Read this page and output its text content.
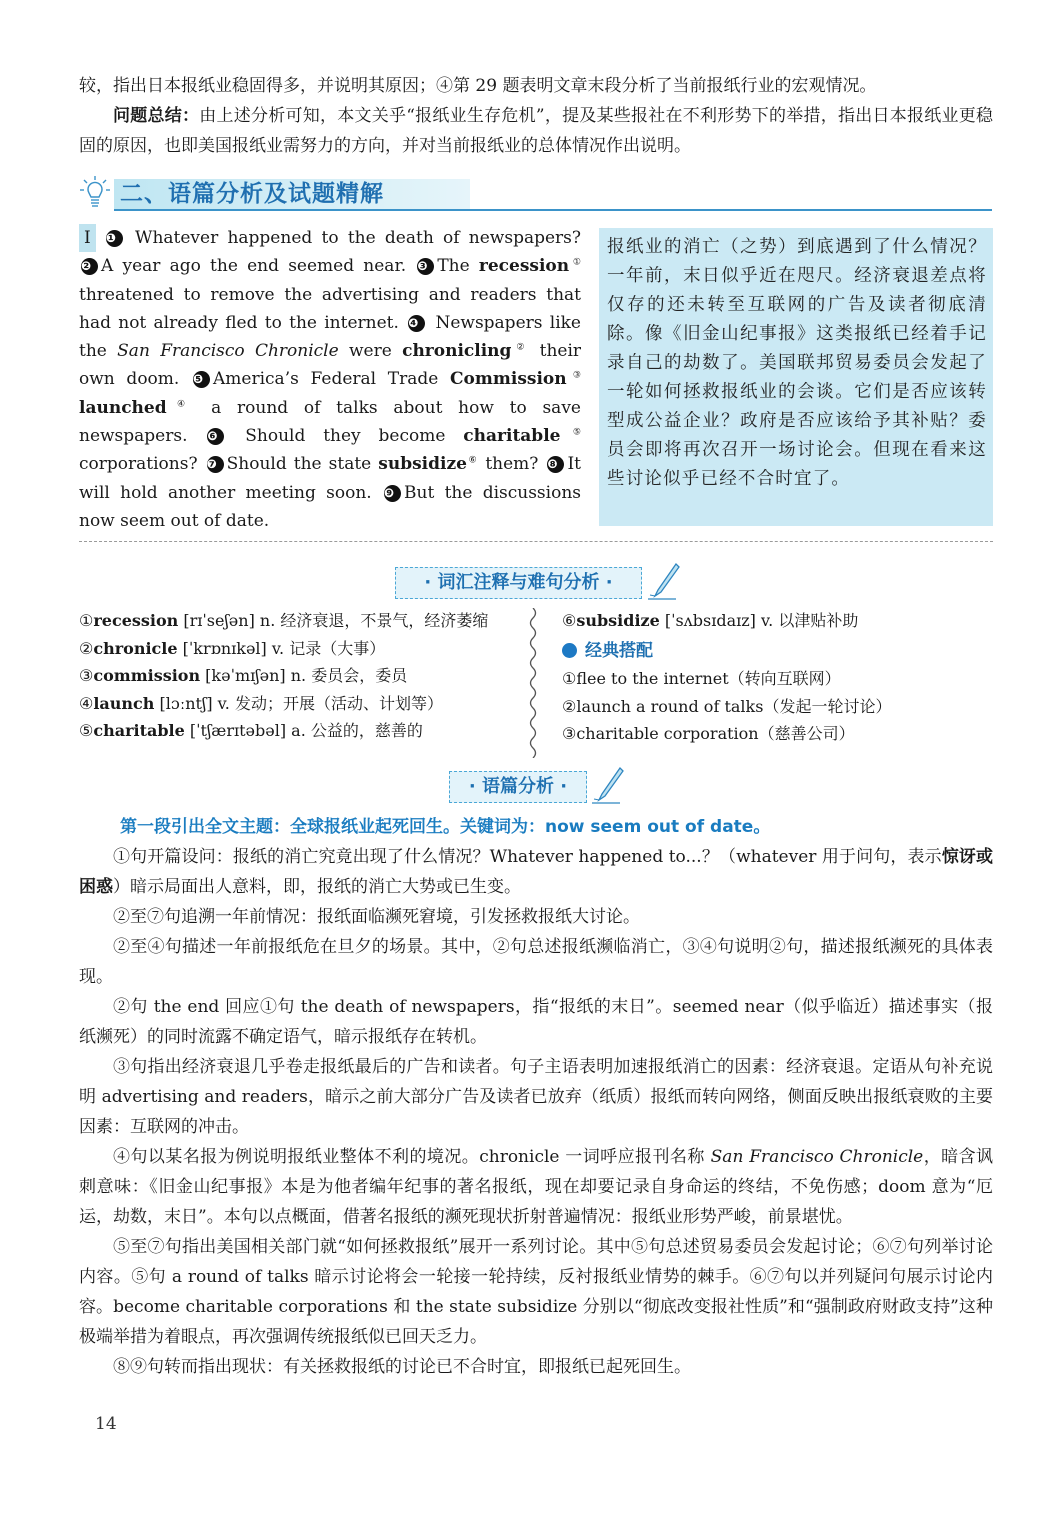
较，指出日本报纸业稳固得多，并说明其原因；④第 29 题表明文章末段分析了当前报纸行业的宏观情况。

问题总结：由上述分析可知，本文关乎“报纸业生存危机”，提及某些报社在不利形势下的举措，指出日本报纸业更稳固的原因，也即美国报纸业需努力的方向，并对当前报纸业的总体情况作出说明。

二、语篇分析及试题精解
I ❶ Whatever happened to the death of newspapers? ❷ A year ago the end seemed near. ❸ The recession① threatened to remove the advertising and readers that had not already fled to the internet. ❹ Newspapers like the San Francisco Chronicle were chronicling② their own doom. ❺ America’s Federal Trade Commission③ launched④ a round of talks about how to save newspapers. ❻ Should they become charitable⑤ corporations? ❼ Should the state subsidize⑥ them? ❽ It will hold another meeting soon. ❾ But the discussions now seem out of date.
报纸业的消亡（之势）到底遇到了什么情况？一年前，末日似乎近在咫尺。经济衰退差点将仅存的还未转至互联网的广告及读者彻底清除。像《旧金山纪事报》这类报纸已经着手记录自己的劫数了。美国联邦贸易委员会发起了一轮如何拯救报纸业的会谈。它们是否应该转型成公益企业？政府是否应该给予其补贴？委员会即将再次召开一场讨论会。但现在看来这些讨论似乎已经不合时宜了。
· 词汇注释与难句分析 ·
①recession [rɪˈseʃən] n. 经济衰退，不景气，经济萎缩
②chronicle [ˈkrɒnɪkəl] v. 记录（大事）
③commission [kəˈmɪʃən] n. 委员会，委员
④launch [lɔːntʃ] v. 发动；开展（活动、计划等）
⑤charitable [ˈtʃærɪtəbəl] a. 公益的，慈善的
⑥subsidize [ˈsʌbsɪdaɪz] v. 以津贴补助
经典搭配
①flee to the internet（转向互联网）
②launch a round of talks（发起一轮讨论）
③charitable corporation（慈善公司）
· 语篇分析 ·
第一段引出全文主题：全球报纸业起死回生。关键词为：now seem out of date。

①句开篇设问：报纸的消亡究竟出现了什么情况？Whatever happened to...？（whatever 用于问句，表示惊讶或困惑）暗示局面出人意料，即，报纸的消亡大势或已生变。

②至⑦句追溯一年前情况：报纸面临濒死窘境，引发拯救报纸大讨论。

②至④句描述一年前报纸危在旦夕的场景。其中，②句总述报纸濒临消亡，③④句说明②句，描述报纸濒死的具体表现。

②句 the end 回应①句 the death of newspapers，指“报纸的末日”。seemed near（似乎临近）描述事实（报纸濒死）的同时流露不确定语气，暗示报纸存在转机。

③句指出经济衰退几乎卷走报纸最后的广告和读者。句子主语表明加速报纸消亡的因素：经济衰退。定语从句补充说明 advertising and readers，暗示之前大部分广告及读者已放弃（纸质）报纸而转向网络，侧面反映出报纸衰败的主要因素：互联网的冲击。

④句以某名报为例说明报纸业整体不利的境况。chronicle 一词呼应报刊名称 San Francisco Chronicle，暗含讽刺意味：《旧金山纪事报》本是为他者编年纪事的著名报纸，现在却要记录自身命运的终结，不免伤感；doom 意为“厄运，劫数，末日”。本句以点概面，借著名报纸的濒死现状折射普遍情况：报纸业形势严峻，前景堪忧。

⑤至⑦句指出美国相关部门就“如何拯救报纸”展开一系列讨论。其中⑤句总述贸易委员会发起讨论；⑥⑦句列举讨论内容。⑤句 a round of talks 暗示讨论将会一轮接一轮持续，反衬报纸业情势的棘手。⑥⑦句以并列疑问句展示讨论内容。become charitable corporations 和 the state subsidize 分别以“彻底改变报社性质”和“强制政府财政支持”这种极端举措为着眼点，再次强调传统报纸似已回天乏力。

⑧⑨句转而指出现状：有关拯救报纸的讨论已不合时宜，即报纸已起死回生。

14
